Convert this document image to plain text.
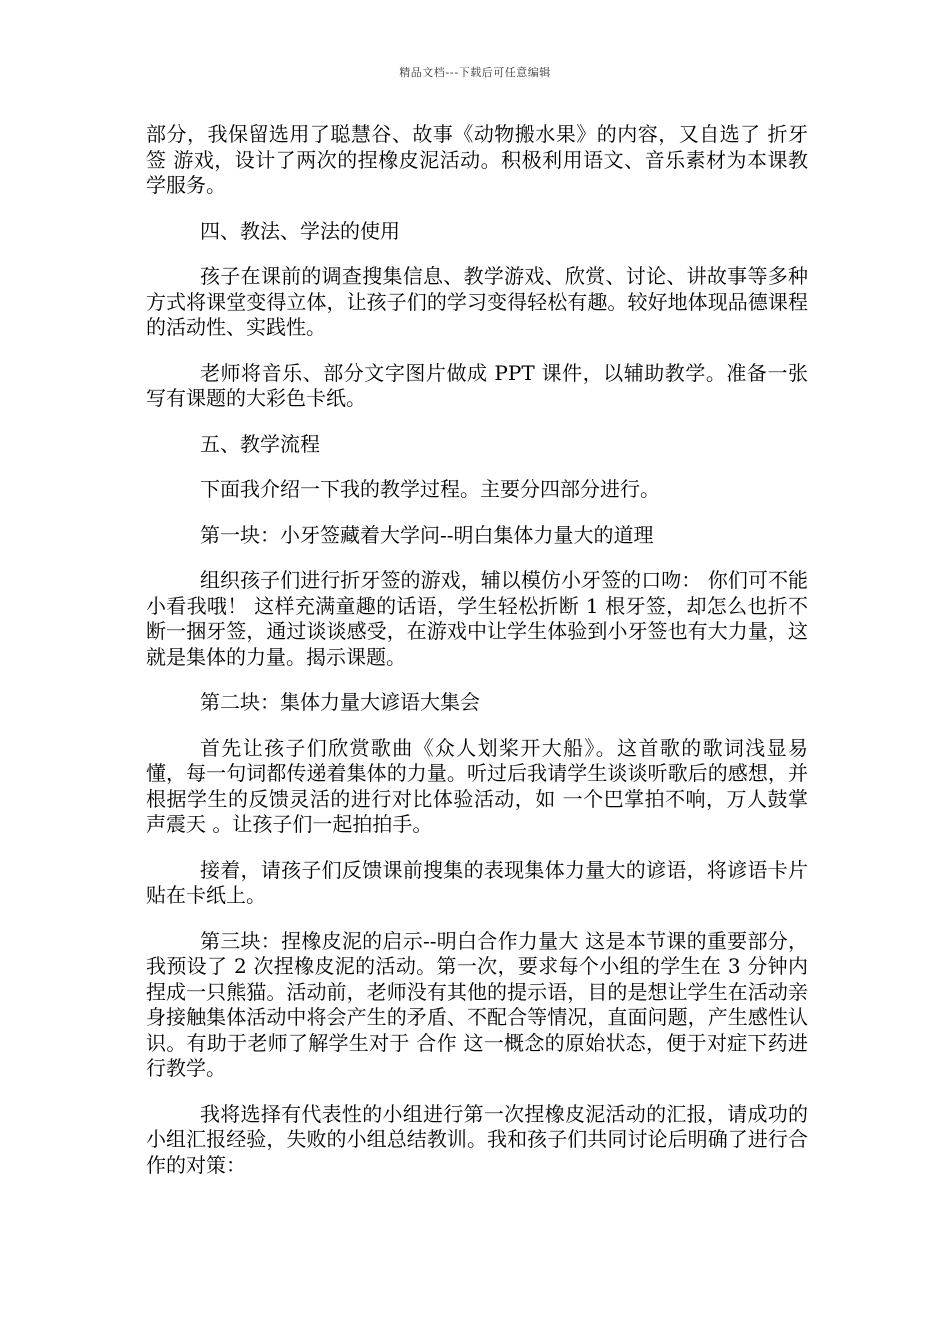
精品文档---下载后可任意编辑

部分，我保留选用了聪慧谷、故事《动物搬水果》的内容，又自选了 折牙签 游戏，设计了两次的捏橡皮泥活动。积极利用语文、音乐素材为本课教学服务。

四、教法、学法的使用

孩子在课前的调查搜集信息、教学游戏、欣赏、讨论、讲故事等多种方式将课堂变得立体，让孩子们的学习变得轻松有趣。较好地体现品德课程的活动性、实践性。

老师将音乐、部分文字图片做成 PPT 课件，以辅助教学。准备一张写有课题的大彩色卡纸。

五、教学流程

下面我介绍一下我的教学过程。主要分四部分进行。

第一块：小牙签藏着大学问--明白集体力量大的道理

组织孩子们进行折牙签的游戏，辅以模仿小牙签的口吻： 你们可不能小看我哦！ 这样充满童趣的话语，学生轻松折断 1 根牙签，却怎么也折不断一捆牙签，通过谈谈感受，在游戏中让学生体验到小牙签也有大力量，这就是集体的力量。揭示课题。

第二块：集体力量大谚语大集会

首先让孩子们欣赏歌曲《众人划桨开大船》。这首歌的歌词浅显易懂，每一句词都传递着集体的力量。听过后我请学生谈谈听歌后的感想，并根据学生的反馈灵活的进行对比体验活动，如 一个巴掌拍不响，万人鼓掌声震天 。让孩子们一起拍拍手。

接着，请孩子们反馈课前搜集的表现集体力量大的谚语，将谚语卡片贴在卡纸上。

第三块：捏橡皮泥的启示--明白合作力量大 这是本节课的重要部分，我预设了 2 次捏橡皮泥的活动。第一次，要求每个小组的学生在 3 分钟内捏成一只熊猫。活动前，老师没有其他的提示语，目的是想让学生在活动亲身接触集体活动中将会产生的矛盾、不配合等情况，直面问题，产生感性认识。有助于老师了解学生对于 合作 这一概念的原始状态，便于对症下药进行教学。

我将选择有代表性的小组进行第一次捏橡皮泥活动的汇报，请成功的小组汇报经验，失败的小组总结教训。我和孩子们共同讨论后明确了进行合作的对策：
